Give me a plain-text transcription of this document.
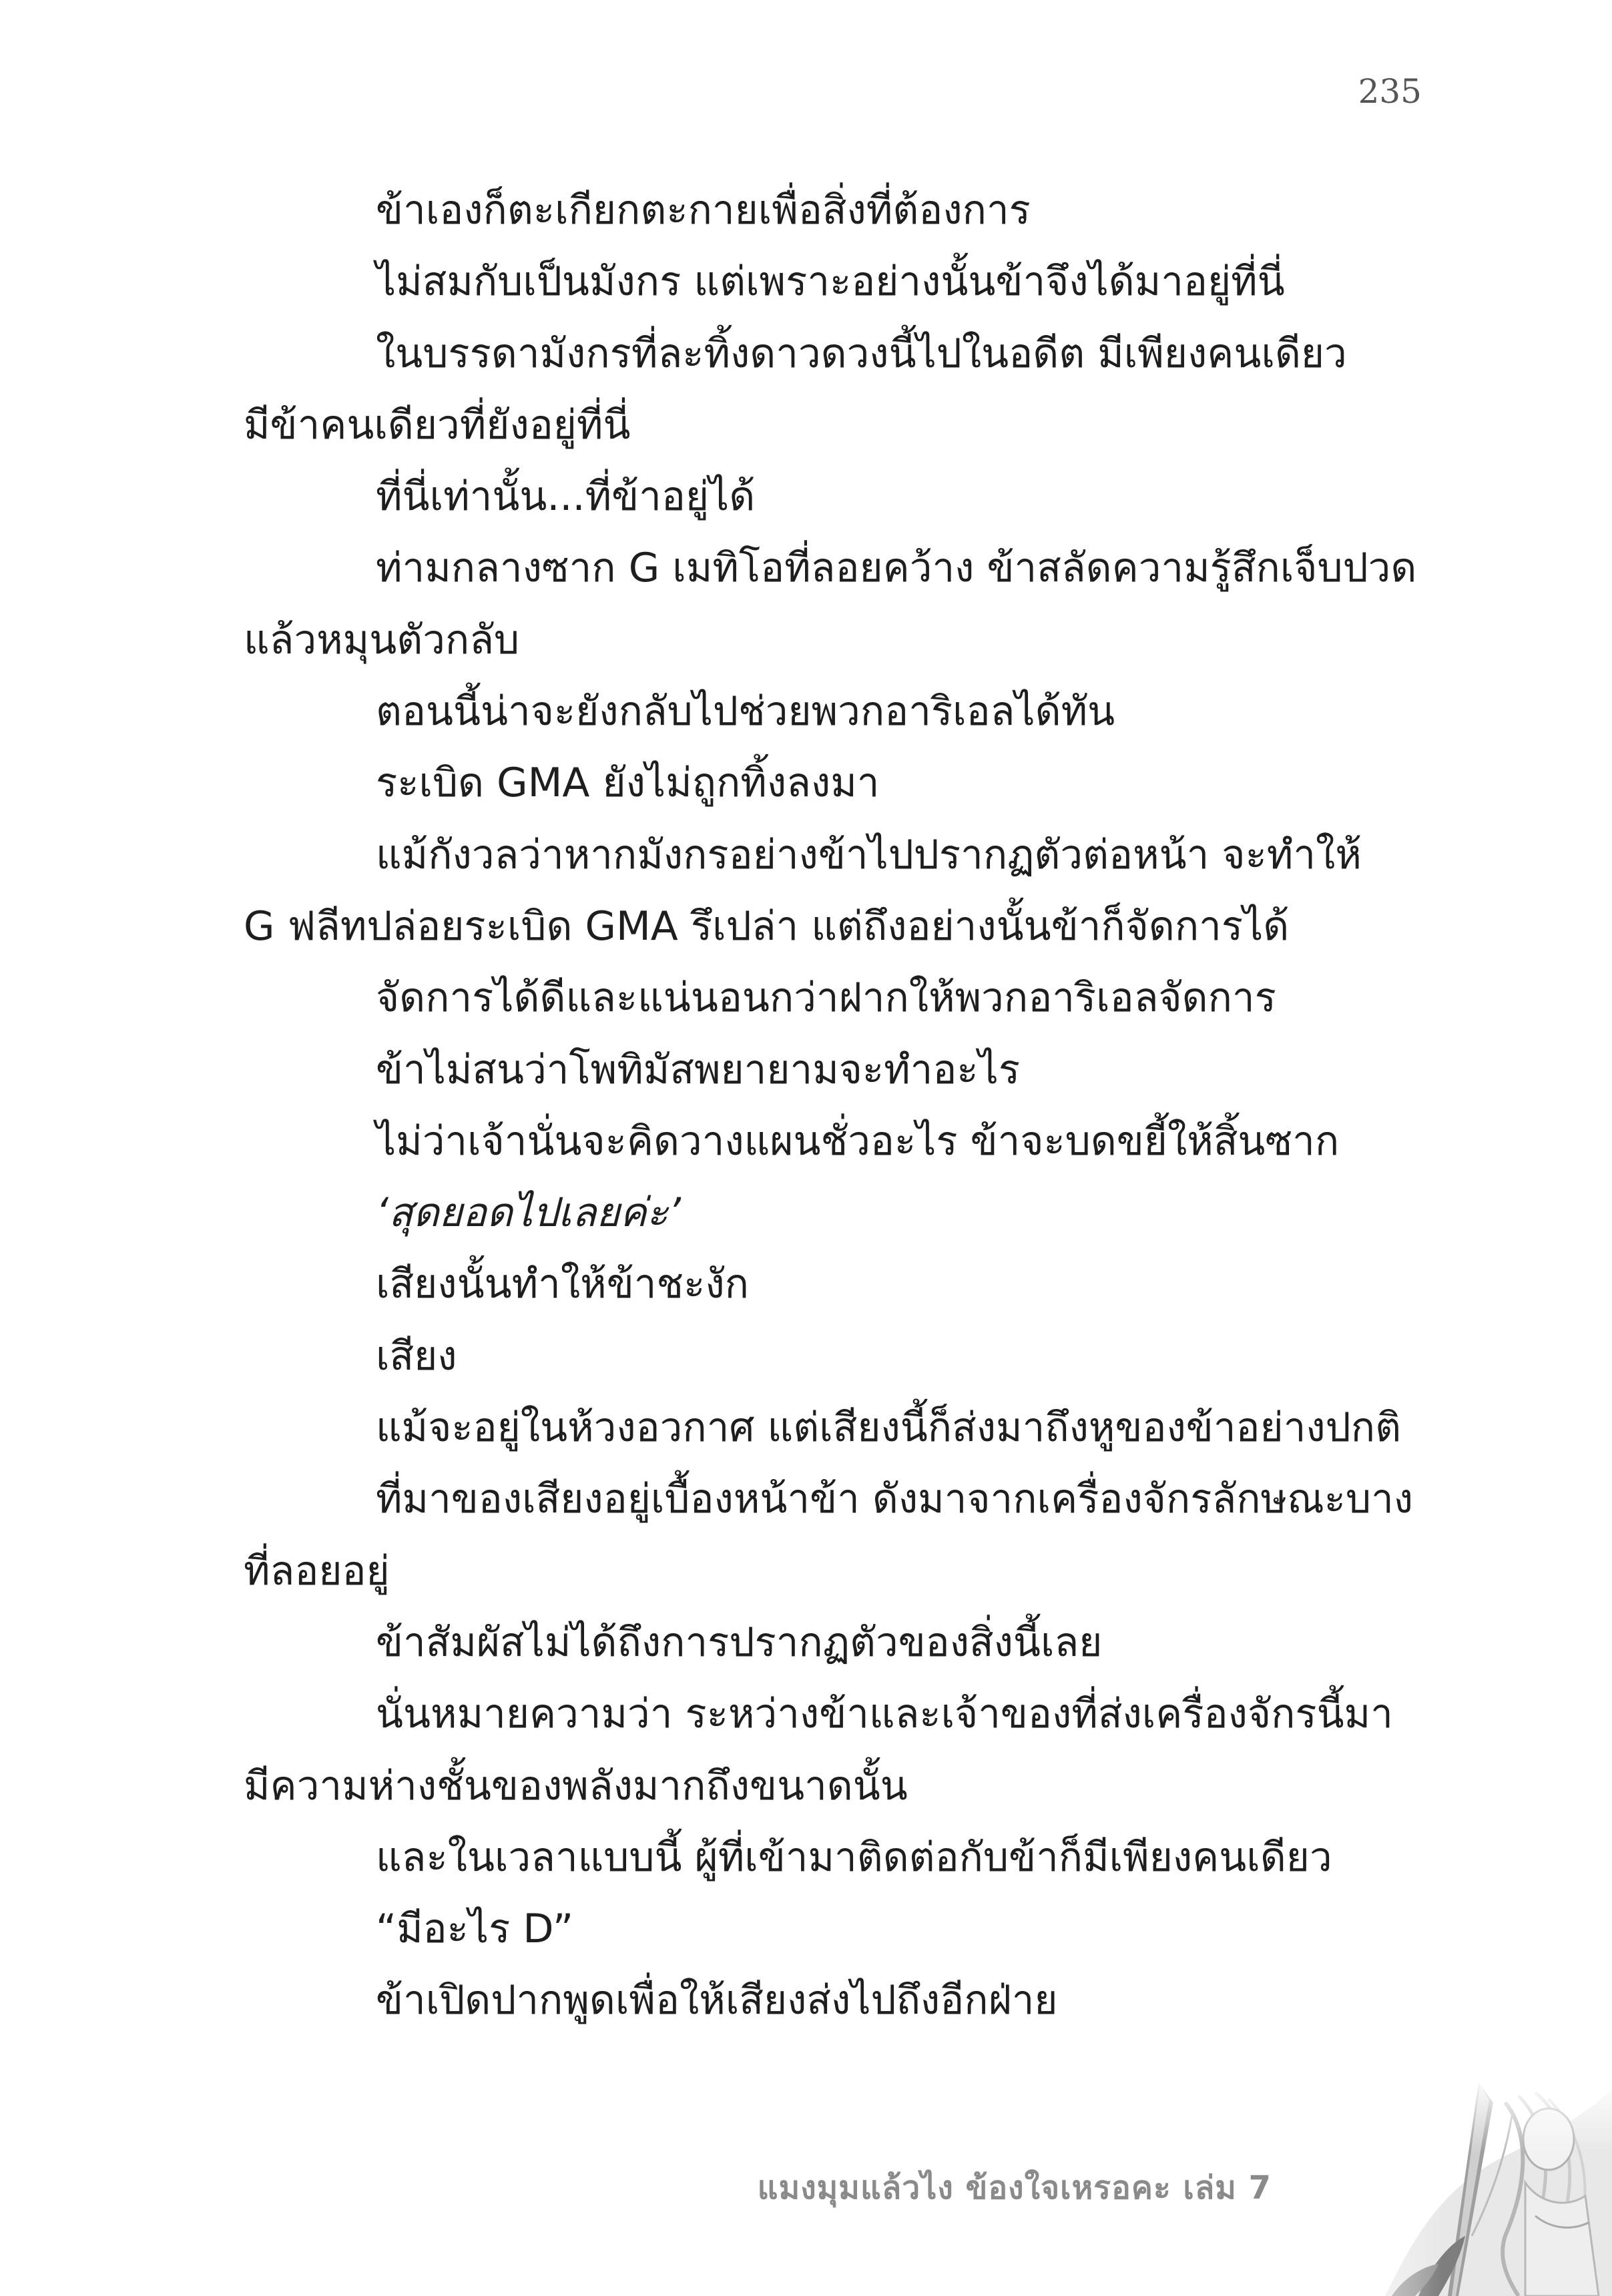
235
ข้าเองก็ตะเกียกตะกายเพื่อสิ่งที่ต้องการ
ไม่สมกับเป็นมังกร แต่เพราะอย่างนั้นข้าจึงได้มาอยู่ที่นี่
ในบรรดามังกรที่ละทิ้งดาวดวงนี้ไปในอดีต มีเพียงคนเดียว
มีข้าคนเดียวที่ยังอยู่ที่นี่
ที่นี่เท่านั้น...ที่ข้าอยู่ได้
ท่ามกลางซาก G เมทิโอที่ลอยคว้าง ข้าสลัดความรู้สึกเจ็บปวด
แล้วหมุนตัวกลับ
ตอนนี้น่าจะยังกลับไปช่วยพวกอาริเอลได้ทัน
ระเบิด GMA ยังไม่ถูกทิ้งลงมา
แม้กังวลว่าหากมังกรอย่างข้าไปปรากฏตัวต่อหน้า จะทำให้
G ฟลีทปล่อยระเบิด GMA รึเปล่า แต่ถึงอย่างนั้นข้าก็จัดการได้
จัดการได้ดีและแน่นอนกว่าฝากให้พวกอาริเอลจัดการ
ข้าไม่สนว่าโพทิมัสพยายามจะทำอะไร
ไม่ว่าเจ้านั่นจะคิดวางแผนชั่วอะไร ข้าจะบดขยี้ให้สิ้นซาก
‘สุดยอดไปเลยค่ะ’
เสียงนั้นทำให้ข้าชะงัก
เสียง
แม้จะอยู่ในห้วงอวกาศ แต่เสียงนี้ก็ส่งมาถึงหูของข้าอย่างปกติ
ที่มาของเสียงอยู่เบื้องหน้าข้า ดังมาจากเครื่องจักรลักษณะบาง
ที่ลอยอยู่
ข้าสัมผัสไม่ได้ถึงการปรากฏตัวของสิ่งนี้เลย
นั่นหมายความว่า ระหว่างข้าและเจ้าของที่ส่งเครื่องจักรนี้มา
มีความห่างชั้นของพลังมากถึงขนาดนั้น
และในเวลาแบบนี้ ผู้ที่เข้ามาติดต่อกับข้าก็มีเพียงคนเดียว
“มีอะไร D”
ข้าเปิดปากพูดเพื่อให้เสียงส่งไปถึงอีกฝ่าย
แมงมุมแล้วไง ข้องใจเหรอคะ เล่ม 7
